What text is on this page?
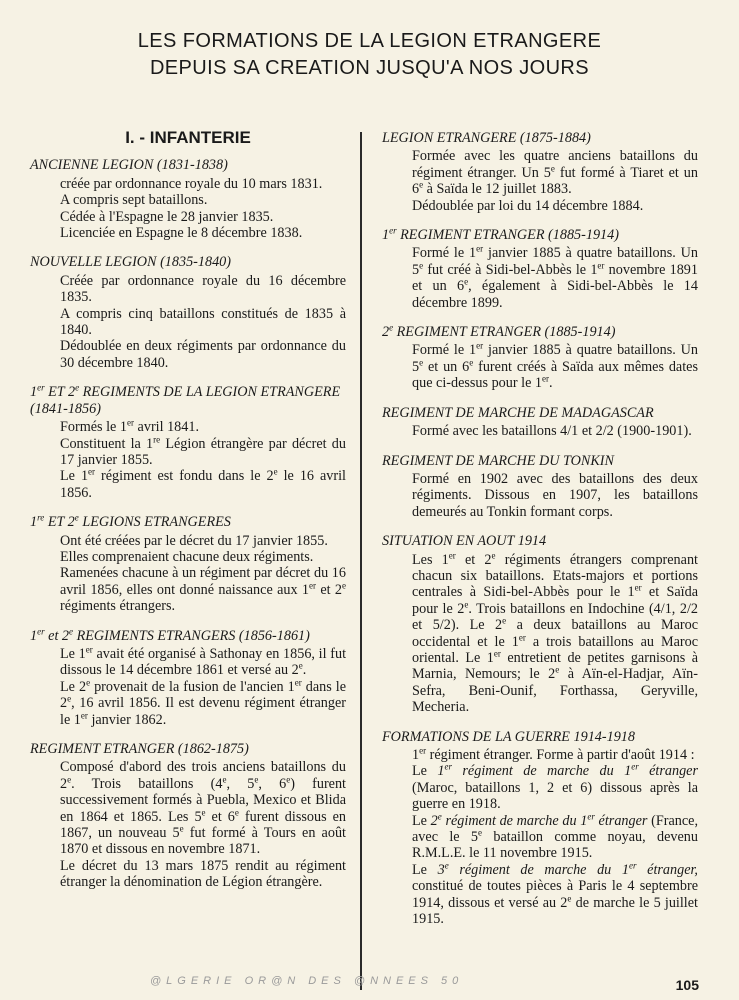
LES FORMATIONS DE LA LEGION ETRANGERE
DEPUIS SA CREATION JUSQU'A NOS JOURS
I. - INFANTERIE
ANCIENNE LEGION (1831-1838)
créée par ordonnance royale du 10 mars 1831.
A compris sept bataillons.
Cédée à l'Espagne le 28 janvier 1835.
Licenciée en Espagne le 8 décembre 1838.
NOUVELLE LEGION (1835-1840)
Créée par ordonnance royale du 16 décembre 1835.
A compris cinq bataillons constitués de 1835 à 1840.
Dédoublée en deux régiments par ordonnance du 30 décembre 1840.
1er ET 2e REGIMENTS DE LA LEGION ETRANGERE (1841-1856)
Formés le 1er avril 1841.
Constituent la 1re Légion étrangère par décret du 17 janvier 1855.
Le 1er régiment est fondu dans le 2e le 16 avril 1856.
1re ET 2e LEGIONS ETRANGERES
Ont été créées par le décret du 17 janvier 1855.
Elles comprenaient chacune deux régiments.
Ramenées chacune à un régiment par décret du 16 avril 1856, elles ont donné naissance aux 1er et 2e régiments étrangers.
1er et 2e REGIMENTS ETRANGERS (1856-1861)
Le 1er avait été organisé à Sathonay en 1856, il fut dissous le 14 décembre 1861 et versé au 2e.
Le 2e provenait de la fusion de l'ancien 1er dans le 2e, 16 avril 1856. Il est devenu régiment étranger le 1er janvier 1862.
REGIMENT ETRANGER (1862-1875)
Composé d'abord des trois anciens bataillons du 2e. Trois bataillons (4e, 5e, 6e) furent successivement formés à Puebla, Mexico et Blida en 1864 et 1865. Les 5e et 6e furent dissous en 1867, un nouveau 5e fut formé à Tours en août 1870 et dissous en novembre 1871.
Le décret du 13 mars 1875 rendit au régiment étranger la dénomination de Légion étrangère.
LEGION ETRANGERE (1875-1884)
Formée avec les quatre anciens bataillons du régiment étranger. Un 5e fut formé à Tiaret et un 6e à Saïda le 12 juillet 1883.
Dédoublée par loi du 14 décembre 1884.
1er REGIMENT ETRANGER (1885-1914)
Formé le 1er janvier 1885 à quatre bataillons. Un 5e fut créé à Sidi-bel-Abbès le 1er novembre 1891 et un 6e, également à Sidi-bel-Abbès le 14 décembre 1899.
2e REGIMENT ETRANGER (1885-1914)
Formé le 1er janvier 1885 à quatre bataillons. Un 5e et un 6e furent créés à Saïda aux mêmes dates que ci-dessus pour le 1er.
REGIMENT DE MARCHE DE MADAGASCAR
Formé avec les bataillons 4/1 et 2/2 (1900-1901).
REGIMENT DE MARCHE DU TONKIN
Formé en 1902 avec des bataillons des deux régiments. Dissous en 1907, les bataillons demeurés au Tonkin formant corps.
SITUATION EN AOUT 1914
Les 1er et 2e régiments étrangers comprenant chacun six bataillons. Etats-majors et portions centrales à Sidi-bel-Abbès pour le 1er et Saïda pour le 2e. Trois bataillons en Indochine (4/1, 2/2 et 5/2). Le 2e a deux bataillons au Maroc occidental et le 1er a trois bataillons au Maroc oriental. Le 1er entretient de petites garnisons à Marnia, Nemours; le 2e à Aïn-el-Hadjar, Aïn-Sefra, Beni-Ounif, Forthassa, Geryville, Mecheria.
FORMATIONS DE LA GUERRE 1914-1918
1er régiment étranger. Forme à partir d'août 1914 :
Le 1er régiment de marche du 1er étranger (Maroc, bataillons 1, 2 et 6) dissous après la guerre en 1918.
Le 2e régiment de marche du 1er étranger (France, avec le 5e bataillon comme noyau, devenu R.M.L.E. le 11 novembre 1915.
Le 3e régiment de marche du 1er étranger, constitué de toutes pièces à Paris le 4 septembre 1914, dissous et versé au 2e de marche le 5 juillet 1915.
@LGERIE OR@N DES @NNEES 50	105
